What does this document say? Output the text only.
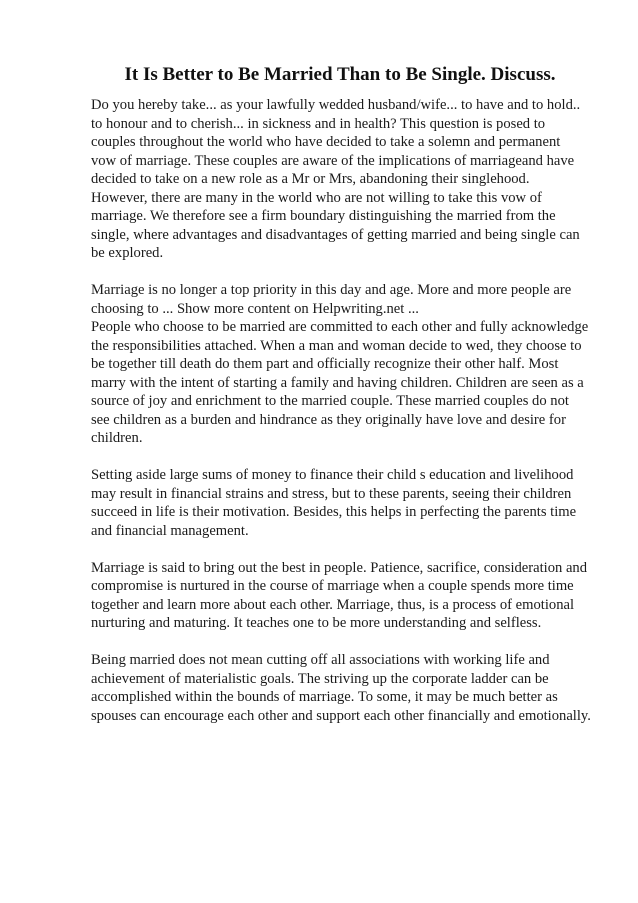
It Is Better to Be Married Than to Be Single. Discuss.

Do you hereby take... as your lawfully wedded husband/wife... to have and to hold..
to honour and to cherish... in sickness and in health? This question is posed to
couples throughout the world who have decided to take a solemn and permanent
vow of marriage. These couples are aware of the implications of marriageand have
decided to take on a new role as a Mr or Mrs, abandoning their singlehood.
However, there are many in the world who are not willing to take this vow of
marriage. We therefore see a firm boundary distinguishing the married from the
single, where advantages and disadvantages of getting married and being single can
be explored.

Marriage is no longer a top priority in this day and age. More and more people are
choosing to ... Show more content on Helpwriting.net ...

People who choose to be married are committed to each other and fully acknowledge
the responsibilities attached. When a man and woman decide to wed, they choose to
be together till death do them part and officially recognize their other half. Most
marry with the intent of starting a family and having children. Children are seen as a
source of joy and enrichment to the married couple. These married couples do not
see children as a burden and hindrance as they originally have love and desire for
children.

Setting aside large sums of money to finance their child s education and livelihood
may result in financial strains and stress, but to these parents, seeing their children
succeed in life is their motivation. Besides, this helps in perfecting the parents time
and financial management.

Marriage is said to bring out the best in people. Patience, sacrifice, consideration and
compromise is nurtured in the course of marriage when a couple spends more time
together and learn more about each other. Marriage, thus, is a process of emotional
nurturing and maturing. It teaches one to be more understanding and selfless.

Being married does not mean cutting off all associations with working life and
achievement of materialistic goals. The striving up the corporate ladder can be
accomplished within the bounds of marriage. To some, it may be much better as
spouses can encourage each other and support each other financially and emotionally.
